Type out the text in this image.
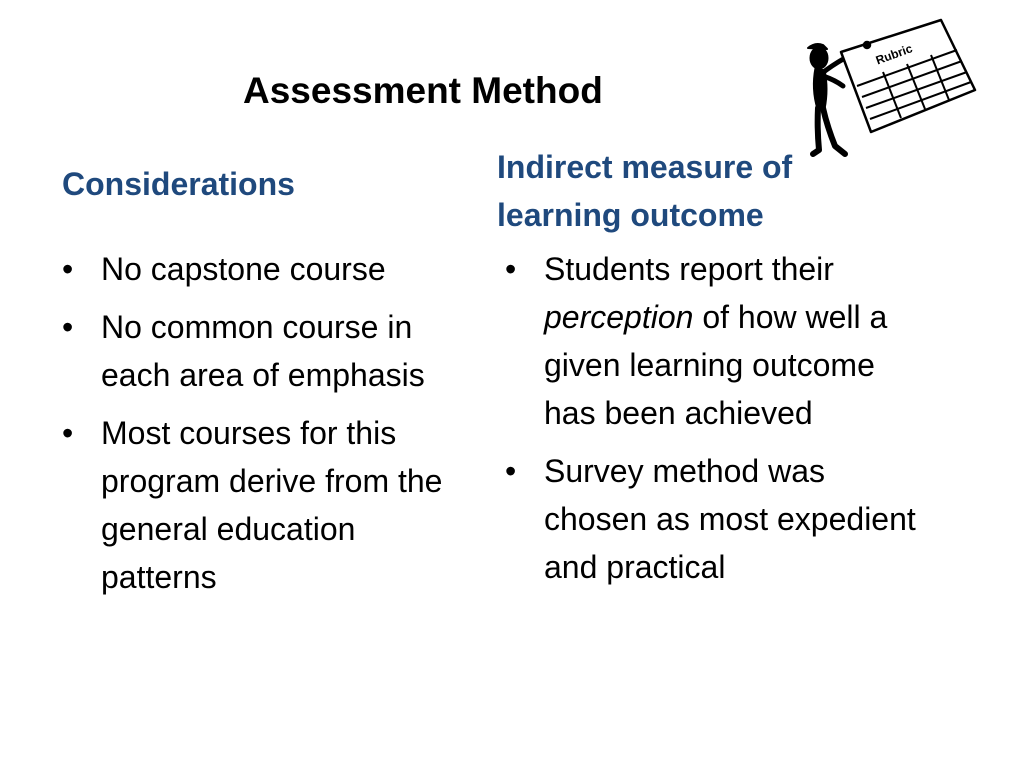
Assessment Method
Considerations	Indirect measure of learning outcome
• No capstone course
• No common course in each area of emphasis
• Most courses for this program derive from the general education patterns
• Students report their perception of how well a given learning outcome has been achieved
• Survey method was chosen as most expedient and practical
Rubric
